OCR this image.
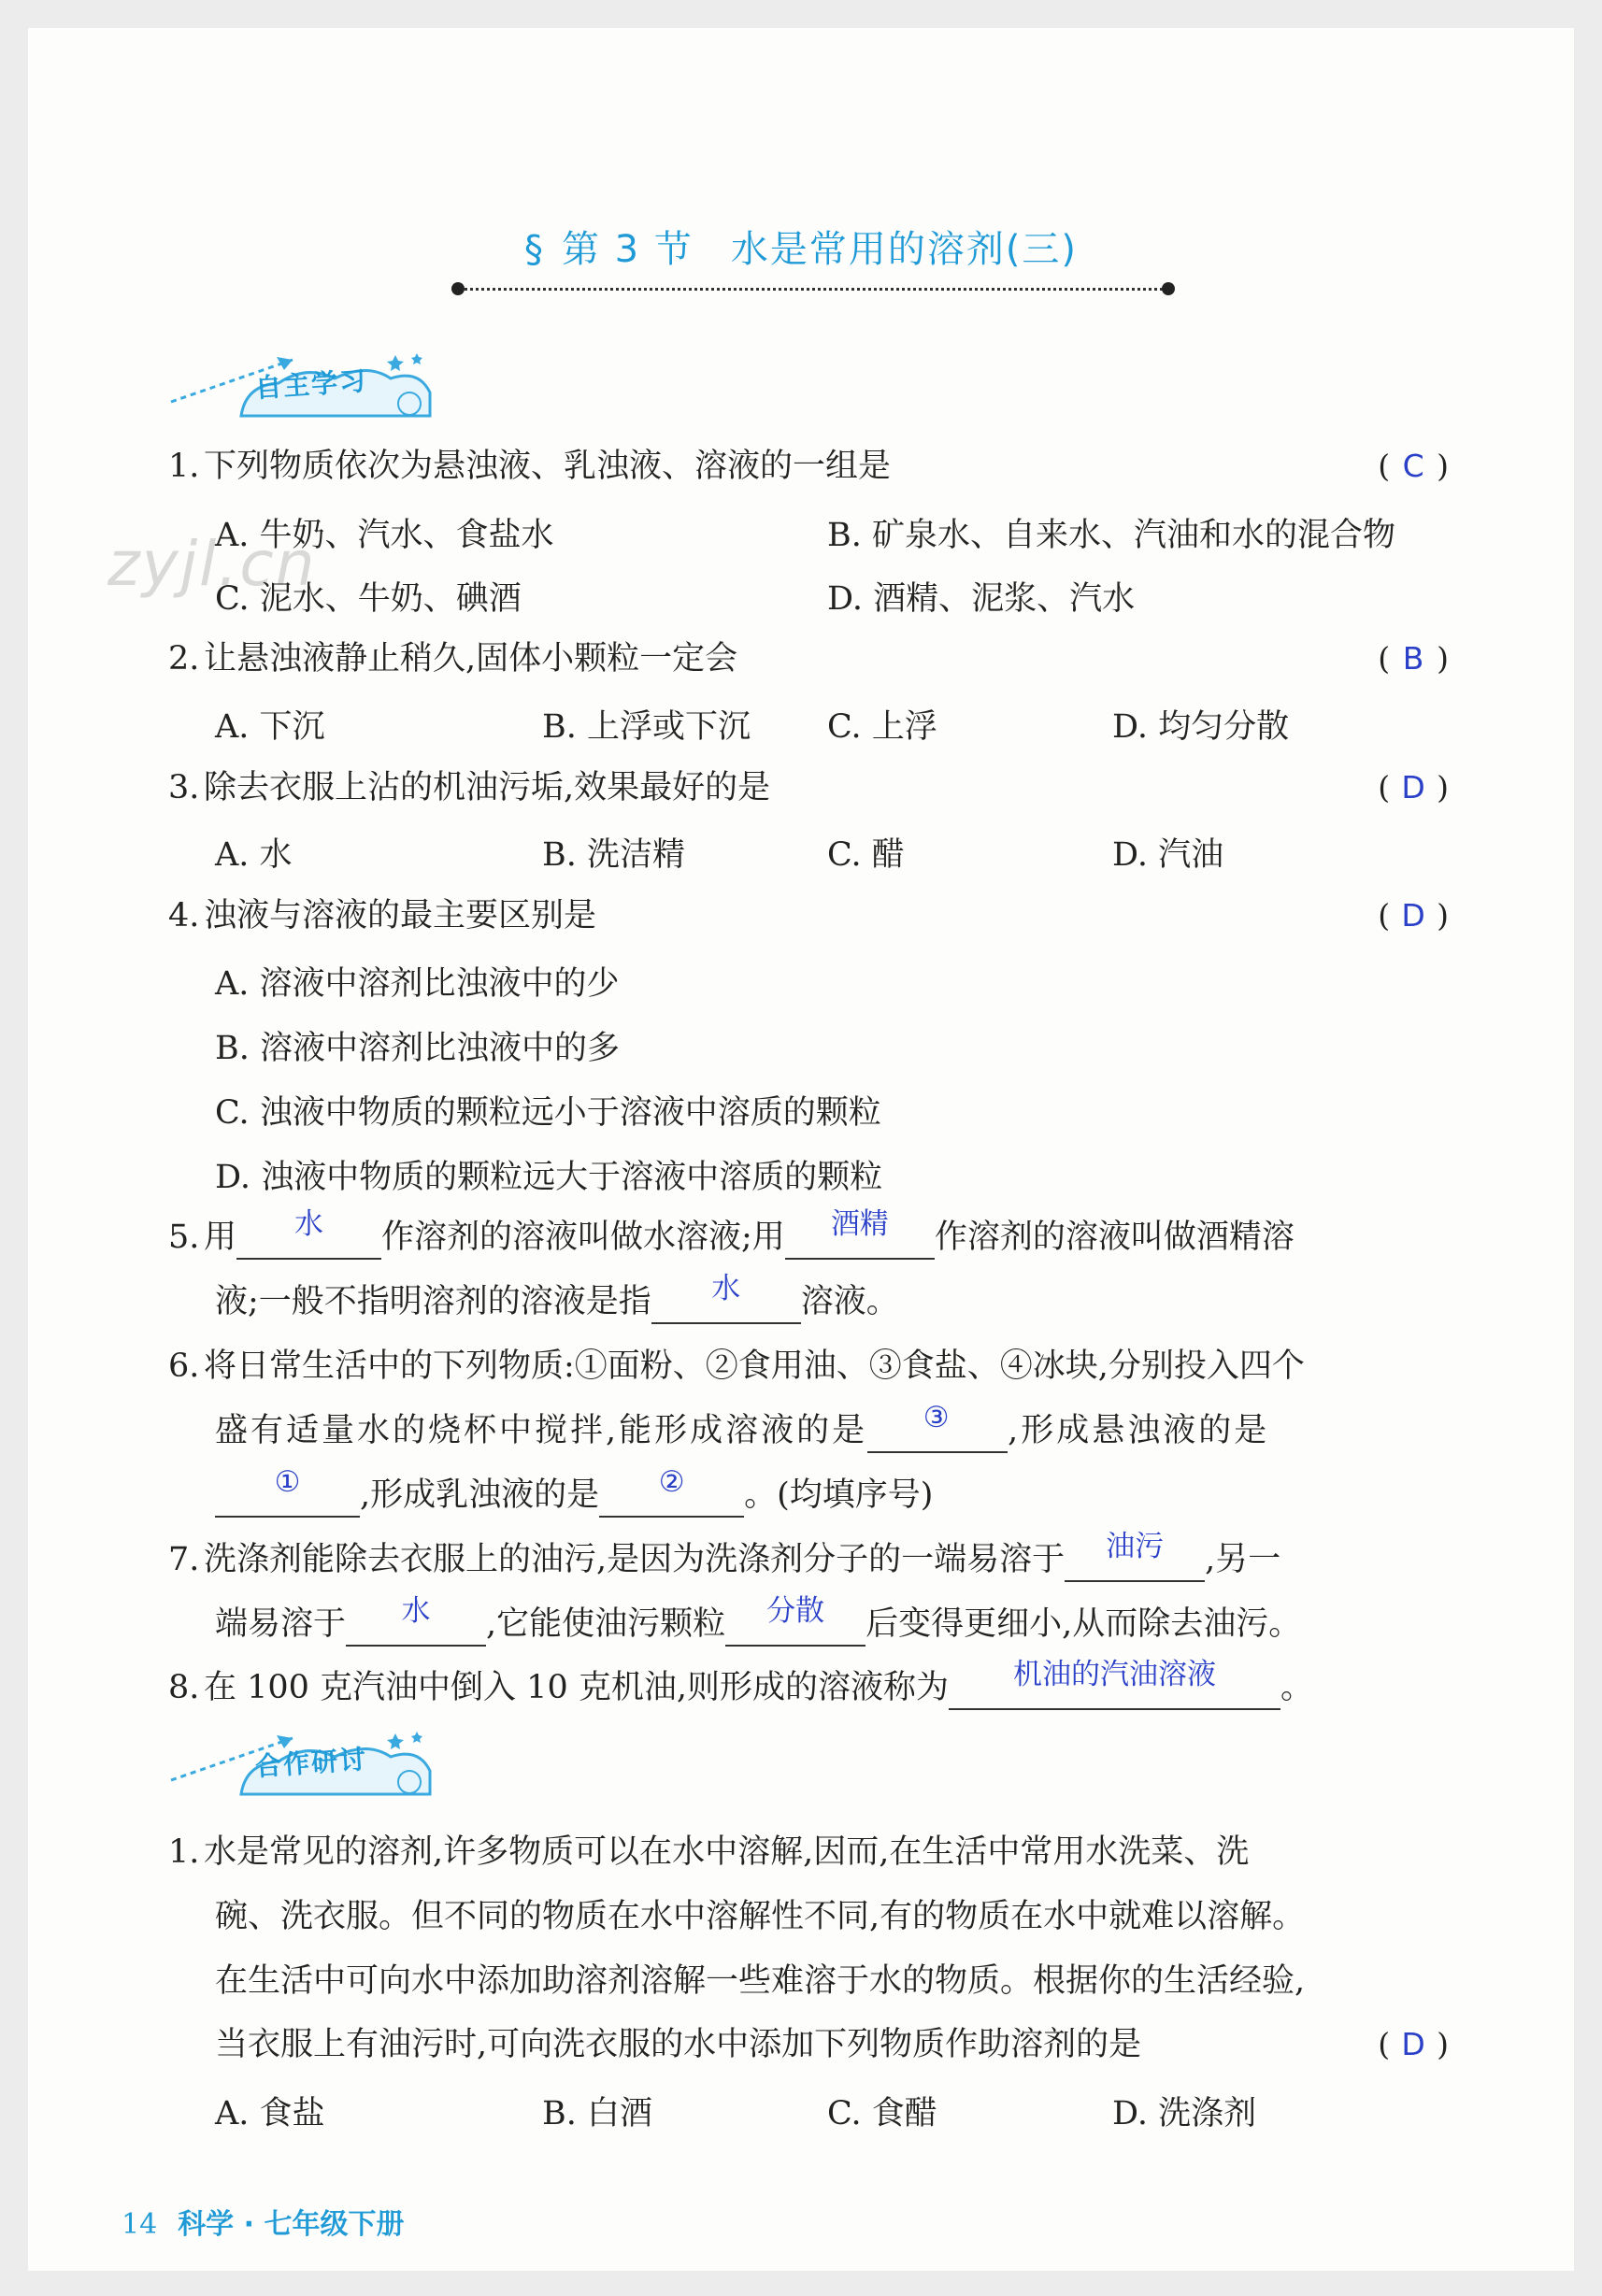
§ 第 3 节 水是常用的溶剂(三)
zyjl.cn
自主学习
1. 下列物质依次为悬浊液、乳浊液、溶液的一组是	( C )
A. 牛奶、汽水、食盐水	B. 矿泉水、自来水、汽油和水的混合物
C. 泥水、牛奶、碘酒	D. 酒精、泥浆、汽水
2. 让悬浊液静止稍久,固体小颗粒一定会	( B )
A. 下沉	B. 上浮或下沉 C. 上浮	D. 均匀分散
3. 除去衣服上沾的机油污垢,效果最好的是	( D )
A. 水	B. 洗洁精	C. 醋	D. 汽油
4. 浊液与溶液的最主要区别是	( D )
A. 溶液中溶剂比浊液中的少
B. 溶液中溶剂比浊液中的多
C. 浊液中物质的颗粒远小于溶液中溶质的颗粒
D. 浊液中物质的颗粒远大于溶液中溶质的颗粒
5. 用	水	作溶剂的溶液叫做水溶液;用	酒精	作溶剂的溶液叫做酒精溶
液;一般不指明溶剂的溶液是指	水	溶液。
6. 将日常生活中的下列物质:①面粉、②食用油、③食盐、④冰块,分别投入四个
盛有适量水的烧杯中搅拌,能形成溶液的是	③	,形成悬浊液的是
①	,形成乳浊液的是	②	。(均填序号)
7. 洗涤剂能除去衣服上的油污,是因为洗涤剂分子的一端易溶于	油污	,另一
端易溶于	水	,它能使油污颗粒	分散	后变得更细小,从而除去油污。
8. 在 100 克汽油中倒入 10 克机油,则形成的溶液称为	机油的汽油溶液	。
合作研讨
1. 水是常见的溶剂,许多物质可以在水中溶解,因而,在生活中常用水洗菜、洗
碗、洗衣服。但不同的物质在水中溶解性不同,有的物质在水中就难以溶解。
在生活中可向水中添加助溶剂溶解一些难溶于水的物质。根据你的生活经验,
当衣服上有油污时,可向洗衣服的水中添加下列物质作助溶剂的是	( D )
A. 食盐	B. 白酒	C. 食醋	D. 洗涤剂
14 科学 · 七年级下册
